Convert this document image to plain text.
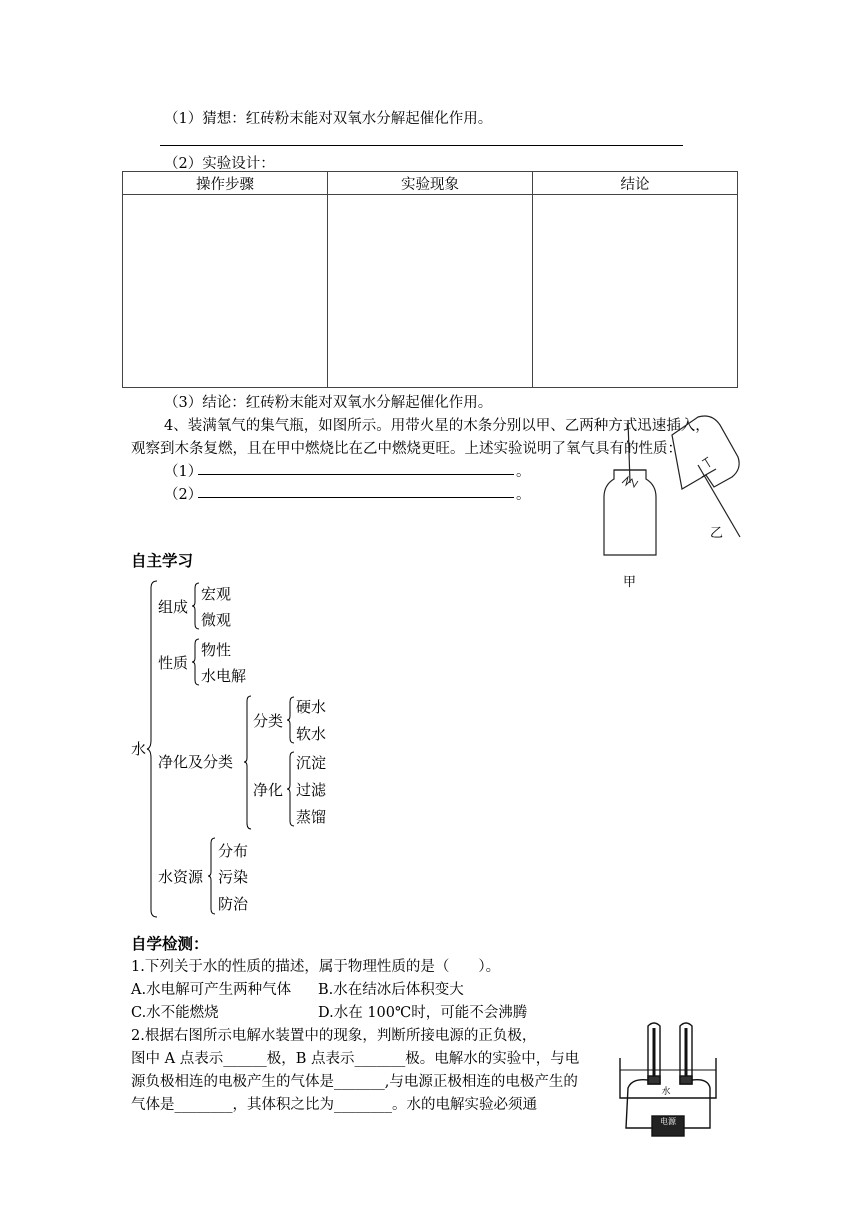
（1）猜想：红砖粉末能对双氧水分解起催化作用。
（2）实验设计：
操作步骤	实验现象	结论

（3）结论：红砖粉末能对双氧水分解起催化作用。
4、装满氧气的集气瓶，如图所示。用带火星的木条分别以甲、乙两种方式迅速插入，
观察到木条复燃，且在甲中燃烧比在乙中燃烧更旺。上述实验说明了氧气具有的性质：
（1）	。
（2）	。
乙
甲
自主学习
水
组成
宏观
微观
性质
物性
水电解
净化及分类
分类
硬水
软水
净化
沉淀
过滤
蒸馏
水资源
分布
污染
防治
自学检测：
1.下列关于水的性质的描述，属于物理性质的是（　　）。
A.水电解可产生两种气体 B.水在结冰后体积变大
C.水不能燃烧	D.水在 100℃时，可能不会沸腾
2.根据右图所示电解水装置中的现象，判断所接电源的正负极，
图中 A 点表示______极，B 点表示_______极。电解水的实验中，与电
源负极相连的电极产生的气体是_______,与电源正极相连的电极产生的
气体是________，其体积之比为________。水的电解实验必须通
水
电源
